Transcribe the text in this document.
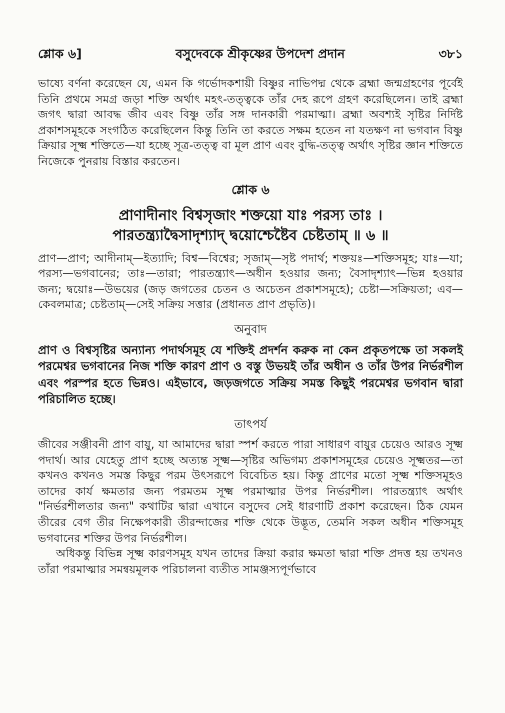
শ্লোক ৬]	বসুদেবকে শ্রীকৃষ্ণের উপদেশ প্রদান	৩৮১

ভাষ্যে বর্ণনা করেছেন যে, এমন কি গর্ভোদকশায়ী বিষ্ণুর নাভিপদ্ম থেকে ব্রহ্মা জন্মগ্রহণের পূর্বেই তিনি প্রথমে সমগ্র জড়া শক্তি অর্থাৎ মহৎ-তত্ত্বকে তাঁর দেহ রূপে গ্রহণ করেছিলেন। তাই ব্রহ্মা জগৎ দ্বারা আবদ্ধ জীব এবং বিষ্ণু তাঁর সঙ্গ দানকারী পরমাত্মা। ব্রহ্মা অবশ্যই সৃষ্টির নির্দিষ্ট প্রকাশসমূহকে সংগঠিত করেছিলেন কিন্তু তিনি তা করতে সক্ষম হতেন না যতক্ষণ না ভগবান বিষ্ণু ক্রিয়ার সূক্ষ্ম শক্তিতে—যা হচ্ছে সূত্র-তত্ত্ব বা মূল প্রাণ এবং বুদ্ধি-তত্ত্ব অর্থাৎ সৃষ্টির জ্ঞান শক্তিতে নিজেকে পুনরায় বিস্তার করতেন।

শ্লোক ৬
প্রাণাদীনাং বিশ্বসৃজাং শক্তয়ো যাঃ পরস্য তাঃ ।
পারতন্ত্র্যাদ্বৈসাদৃশ্যাদ্ দ্বয়োশ্চেষ্টৈব চেষ্টতাম্ ॥ ৬ ॥

প্রাণ—প্রাণ; আদীনাম্—ইত্যাদি; বিশ্ব—বিশ্বের; সৃজাম্—সৃষ্ট পদার্থ; শক্তয়ঃ—শক্তিসমূহ; যাঃ—যা; পরস্য—ভগবানের; তাঃ—তারা; পারতন্ত্র্যাৎ—অধীন হওয়ার জন্য; বৈসাদৃশ্যাৎ—ভিন্ন হওয়ার জন্য; দ্বয়োঃ—উভয়ের (জড় জগতের চেতন ও অচেতন প্রকাশসমূহে); চেষ্টা—সক্রিয়তা; এব—কেবলমাত্র; চেষ্টতাম্—সেই সক্রিয় সত্তার (প্রধানত প্রাণ প্রভৃতি)।

অনুবাদ

প্রাণ ও বিশ্বসৃষ্টির অন্যান্য পদার্থসমূহ যে শক্তিই প্রদর্শন করুক না কেন প্রকৃতপক্ষে তা সকলই পরমেশ্বর ভগবানের নিজ শক্তি কারণ প্রাণ ও বস্তু উভয়ই তাঁর অধীন ও তাঁর উপর নির্ভরশীল এবং পরস্পর হতে ভিন্নও। এইভাবে, জড়জগতে সক্রিয় সমস্ত কিছুই পরমেশ্বর ভগবান দ্বারা পরিচালিত হচ্ছে।

তাৎপর্য

জীবের সঞ্জীবনী প্রাণ বায়ু, যা আমাদের দ্বারা স্পর্শ করতে পারা সাধারণ বায়ুর চেয়েও আরও সূক্ষ্ম পদার্থ। আর যেহেতু প্রাণ হচ্ছে অত্যন্ত সূক্ষ্ম—সৃষ্টির অভিগম্য প্রকাশসমূহের চেয়েও সূক্ষ্মতর—তা কখনও কখনও সমস্ত কিছুর পরম উৎসরূপে বিবেচিত হয়। কিন্তু প্রাণের মতো সূক্ষ্ম শক্তিসমূহও তাদের কার্য ক্ষমতার জন্য পরমতম সূক্ষ্ম পরমাত্মার উপর নির্ভরশীল। পারতন্ত্র্যাৎ অর্থাৎ "নির্ভরশীলতার জন্য" কথাটির দ্বারা এখানে বসুদেব সেই ধারণাটি প্রকাশ করেছেন। ঠিক যেমন তীরের বেগ তীর নিক্ষেপকারী তীরন্দাজের শক্তি থেকে উদ্ভূত, তেমনি সকল অধীন শক্তিসমূহ ভগবানের শক্তির উপর নির্ভরশীল।

অধিকন্তু বিভিন্ন সূক্ষ্ম কারণসমূহ যখন তাদের ক্রিয়া করার ক্ষমতা দ্বারা শক্তি প্রদত্ত হয় তখনও তাঁরা পরমাত্মার সমন্বয়মূলক পরিচালনা ব্যতীত সামঞ্জস্যপূর্ণভাবে
